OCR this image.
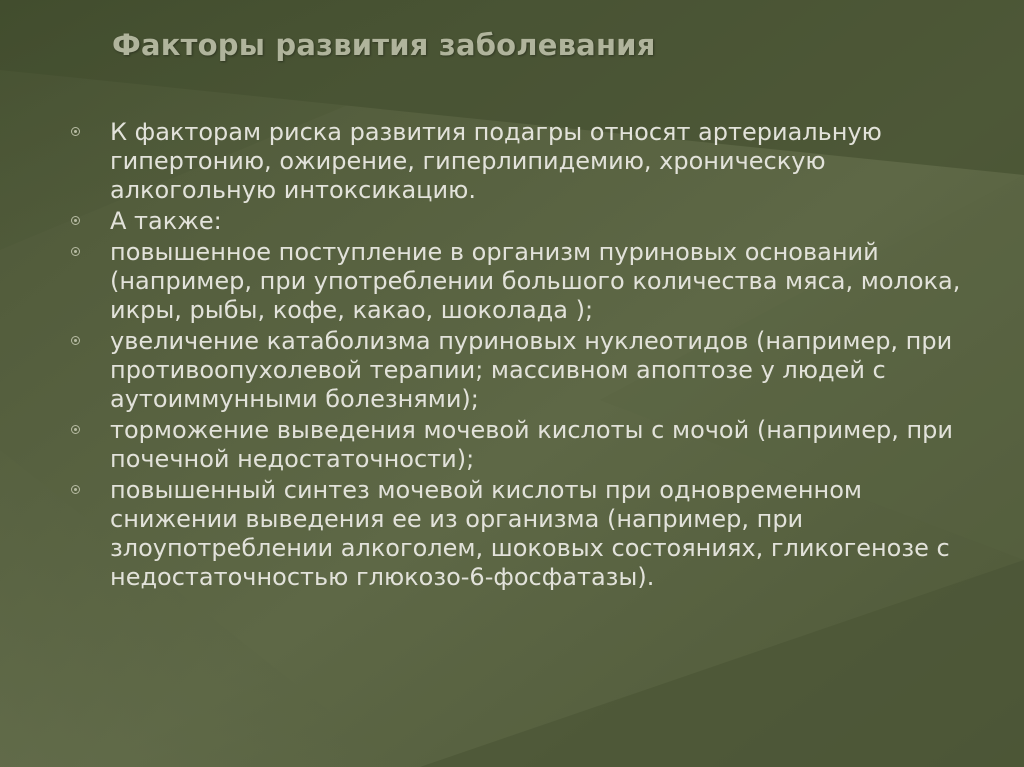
Факторы развития заболевания
К факторам риска развития подагры относят артериальную гипертонию, ожирение, гиперлипидемию, хроническую алкогольную интоксикацию.
А также:
повышенное поступление в организм пуриновых оснований (например, при употреблении большого количества мяса, молока, икры, рыбы, кофе, какао, шоколада );
увеличение катаболизма пуриновых нуклеотидов (например, при противоопухолевой терапии; массивном апоптозе у людей с аутоиммунными болезнями);
торможение выведения мочевой кислоты с мочой (например, при почечной недостаточности);
повышенный синтез мочевой кислоты при одновременном снижении выведения ее из организма (например, при злоупотреблении алкоголем, шоковых состояниях, гликогенозе с недостаточностью глюкозо-6-фосфатазы).
